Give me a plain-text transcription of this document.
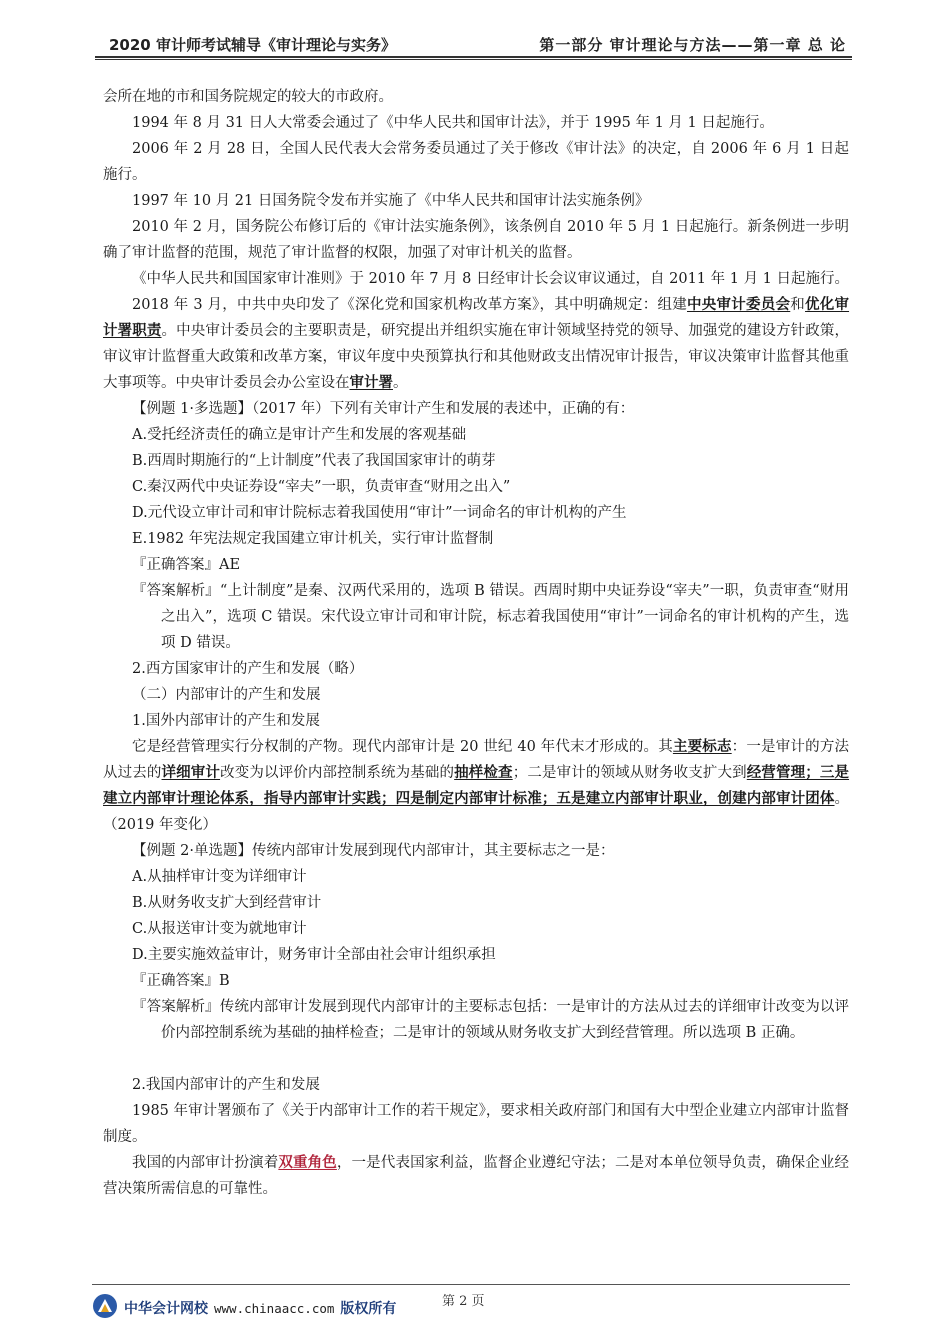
2020 审计师考试辅导《审计理论与实务》	第一部分 审计理论与方法——第一章 总 论

会所在地的市和国务院规定的较大的市政府。

1994 年 8 月 31 日人大常委会通过了《中华人民共和国审计法》，并于 1995 年 1 月 1 日起施行。

2006 年 2 月 28 日，全国人民代表大会常务委员通过了关于修改《审计法》的决定，自 2006 年 6 月 1 日起施行。

1997 年 10 月 21 日国务院令发布并实施了《中华人民共和国审计法实施条例》

2010 年 2 月，国务院公布修订后的《审计法实施条例》，该条例自 2010 年 5 月 1 日起施行。新条例进一步明确了审计监督的范围，规范了审计监督的权限，加强了对审计机关的监督。

《中华人民共和国国家审计准则》于 2010 年 7 月 8 日经审计长会议审议通过，自 2011 年 1 月 1 日起施行。

2018 年 3 月，中共中央印发了《深化党和国家机构改革方案》，其中明确规定：组建中央审计委员会和优化审计署职责。中央审计委员会的主要职责是，研究提出并组织实施在审计领域坚持党的领导、加强党的建设方针政策，审议审计监督重大政策和改革方案，审议年度中央预算执行和其他财政支出情况审计报告，审议决策审计监督其他重大事项等。中央审计委员会办公室设在审计署。

【例题 1·多选题】（2017 年）下列有关审计产生和发展的表述中，正确的有：

A.受托经济责任的确立是审计产生和发展的客观基础

B.西周时期施行的“上计制度”代表了我国国家审计的萌芽

C.秦汉两代中央证券设“宰夫”一职，负责审查“财用之出入”

D.元代设立审计司和审计院标志着我国使用“审计”一词命名的审计机构的产生

E.1982 年宪法规定我国建立审计机关，实行审计监督制

『正确答案』AE

『答案解析』“上计制度”是秦、汉两代采用的，选项 B 错误。西周时期中央证券设“宰夫”一职，负责审查“财用之出入”，选项 C 错误。宋代设立审计司和审计院，标志着我国使用“审计”一词命名的审计机构的产生，选项 D 错误。

2.西方国家审计的产生和发展（略）

（二）内部审计的产生和发展

1.国外内部审计的产生和发展

它是经营管理实行分权制的产物。现代内部审计是 20 世纪 40 年代末才形成的。其主要标志：一是审计的方法从过去的详细审计改变为以评价内部控制系统为基础的抽样检查；二是审计的领域从财务收支扩大到经营管理；三是建立内部审计理论体系，指导内部审计实践；四是制定内部审计标准；五是建立内部审计职业，创建内部审计团体。（2019 年变化）

【例题 2·单选题】传统内部审计发展到现代内部审计，其主要标志之一是：

A.从抽样审计变为详细审计

B.从财务收支扩大到经营审计

C.从报送审计变为就地审计

D.主要实施效益审计，财务审计全部由社会审计组织承担

『正确答案』B

『答案解析』传统内部审计发展到现代内部审计的主要标志包括：一是审计的方法从过去的详细审计改变为以评价内部控制系统为基础的抽样检查；二是审计的领域从财务收支扩大到经营管理。所以选项 B 正确。

2.我国内部审计的产生和发展

1985 年审计署颁布了《关于内部审计工作的若干规定》，要求相关政府部门和国有大中型企业建立内部审计监督制度。

我国的内部审计扮演着双重角色，一是代表国家利益，监督企业遵纪守法；二是对本单位领导负责，确保企业经营决策所需信息的可靠性。

第 2 页
中华会计网校 www.chinaacc.com 版权所有
